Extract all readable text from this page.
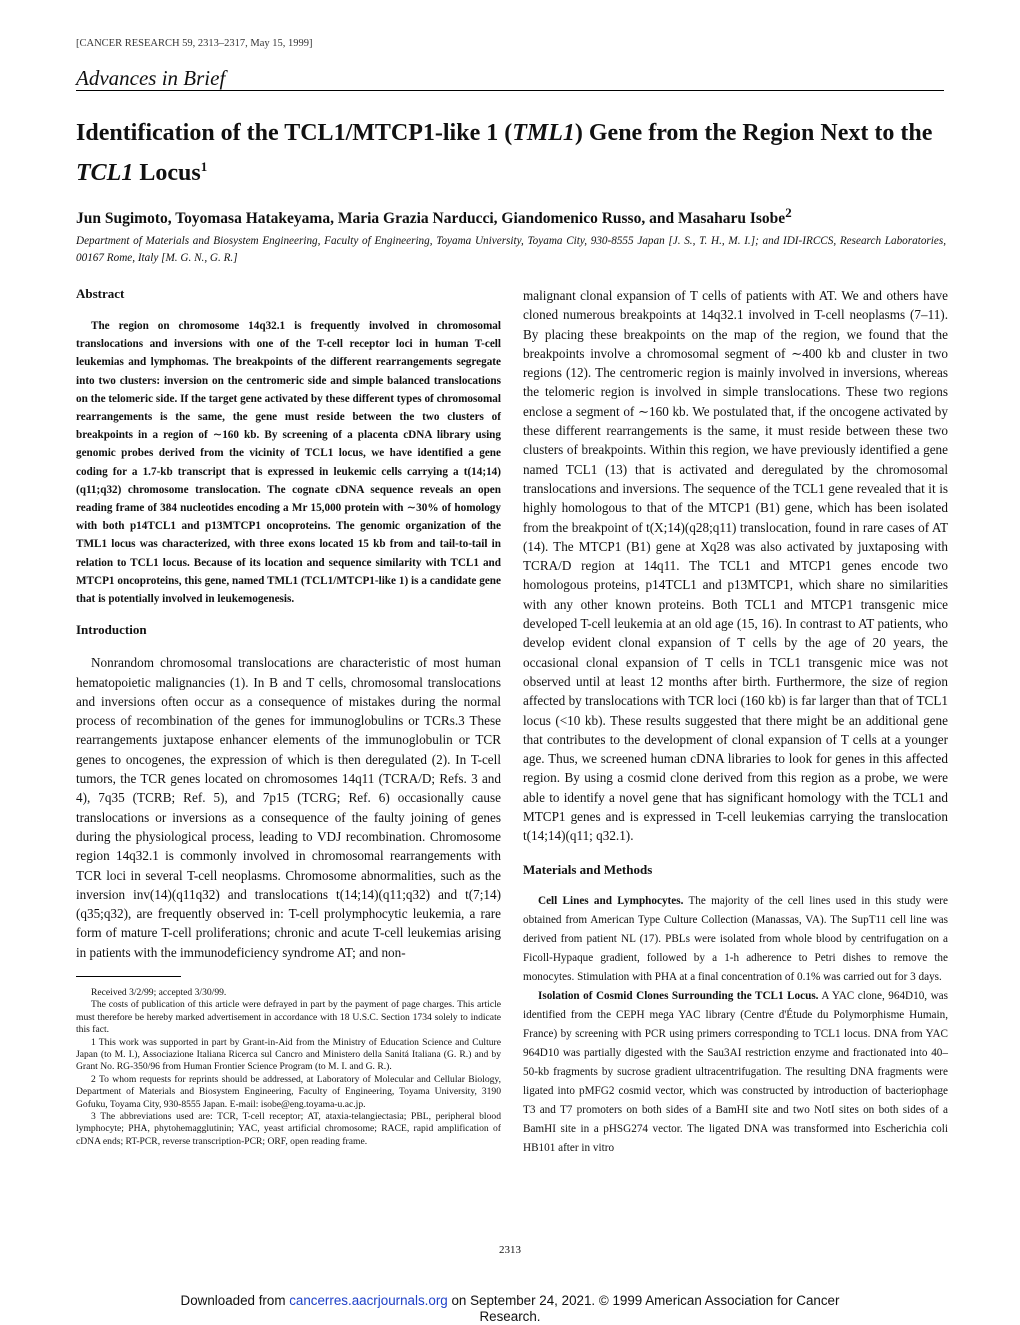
[CANCER RESEARCH 59, 2313–2317, May 15, 1999]
Advances in Brief
Identification of the TCL1/MTCP1-like 1 (TML1) Gene from the Region Next to the
TCL1 Locus$^1$
Jun Sugimoto, Toyomasa Hatakeyama, Maria Grazia Narducci, Giandomenico Russo, and Masaharu Isobe$^2$
Department of Materials and Biosystem Engineering, Faculty of Engineering, Toyama University, Toyama City, 930-8555 Japan [J. S., T. H., M. I.]; and IDI-IRCCS, Research Laboratories, 00167 Rome, Italy [M. G. N., G. R.]
Abstract

The region on chromosome 14q32.1 is frequently involved in chromosomal translocations and inversions with one of the T-cell receptor loci in human T-cell leukemias and lymphomas. The breakpoints of the different rearrangements segregate into two clusters: inversion on the centromeric side and simple balanced translocations on the telomeric side. If the target gene activated by these different types of chromosomal rearrangements is the same, the gene must reside between the two clusters of breakpoints in a region of ∼160 kb. By screening of a placenta cDNA library using genomic probes derived from the vicinity of TCL1 locus, we have identified a gene coding for a 1.7-kb transcript that is expressed in leukemic cells carrying a t(14;14)(q11;q32) chromosome translocation. The cognate cDNA sequence reveals an open reading frame of 384 nucleotides encoding a Mr 15,000 protein with ∼30% of homology with both p14TCL1 and p13MTCP1 oncoproteins. The genomic organization of the TML1 locus was characterized, with three exons located 15 kb from and tail-to-tail in relation to TCL1 locus. Because of its location and sequence similarity with TCL1 and MTCP1 oncoproteins, this gene, named TML1 (TCL1/MTCP1-like 1) is a candidate gene that is potentially involved in leukemogenesis.

Introduction

Nonrandom chromosomal translocations are characteristic of most human hematopoietic malignancies (1). In B and T cells, chromosomal translocations and inversions often occur as a consequence of mistakes during the normal process of recombination of the genes for immunoglobulins or TCRs.3 These rearrangements juxtapose enhancer elements of the immunoglobulin or TCR genes to oncogenes, the expression of which is then deregulated (2). In T-cell tumors, the TCR genes located on chromosomes 14q11 (TCRA/D; Refs. 3 and 4), 7q35 (TCRB; Ref. 5), and 7p15 (TCRG; Ref. 6) occasionally cause translocations or inversions as a consequence of the faulty joining of genes during the physiological process, leading to VDJ recombination. Chromosome region 14q32.1 is commonly involved in chromosomal rearrangements with TCR loci in several T-cell neoplasms. Chromosome abnormalities, such as the inversion inv(14)(q11q32) and translocations t(14;14)(q11;q32) and t(7;14)(q35;q32), are frequently observed in: T-cell prolymphocytic leukemia, a rare form of mature T-cell proliferations; chronic and acute T-cell leukemias arising in patients with the immunodeficiency syndrome AT; and non-

Received 3/2/99; accepted 3/30/99.

The costs of publication of this article were defrayed in part by the payment of page charges. This article must therefore be hereby marked advertisement in accordance with 18 U.S.C. Section 1734 solely to indicate this fact.

1 This work was supported in part by Grant-in-Aid from the Ministry of Education Science and Culture Japan (to M. I.), Associazione Italiana Ricerca sul Cancro and Ministero della Sanitá Italiana (G. R.) and by Grant No. RG-350/96 from Human Frontier Science Program (to M. I. and G. R.).

2 To whom requests for reprints should be addressed, at Laboratory of Molecular and Cellular Biology, Department of Materials and Biosystem Engineering, Faculty of Engineering, Toyama University, 3190 Gofuku, Toyama City, 930-8555 Japan. E-mail: isobe@eng.toyama-u.ac.jp.

3 The abbreviations used are: TCR, T-cell receptor; AT, ataxia-telangiectasia; PBL, peripheral blood lymphocyte; PHA, phytohemagglutinin; YAC, yeast artificial chromosome; RACE, rapid amplification of cDNA ends; RT-PCR, reverse transcription-PCR; ORF, open reading frame.

malignant clonal expansion of T cells of patients with AT. We and others have cloned numerous breakpoints at 14q32.1 involved in T-cell neoplasms (7–11). By placing these breakpoints on the map of the region, we found that the breakpoints involve a chromosomal segment of ∼400 kb and cluster in two regions (12). The centromeric region is mainly involved in inversions, whereas the telomeric region is involved in simple translocations. These two regions enclose a segment of ∼160 kb. We postulated that, if the oncogene activated by these different rearrangements is the same, it must reside between these two clusters of breakpoints. Within this region, we have previously identified a gene named TCL1 (13) that is activated and deregulated by the chromosomal translocations and inversions. The sequence of the TCL1 gene revealed that it is highly homologous to that of the MTCP1 (B1) gene, which has been isolated from the breakpoint of t(X;14)(q28;q11) translocation, found in rare cases of AT (14). The MTCP1 (B1) gene at Xq28 was also activated by juxtaposing with TCRA/D region at 14q11. The TCL1 and MTCP1 genes encode two homologous proteins, p14TCL1 and p13MTCP1, which share no similarities with any other known proteins. Both TCL1 and MTCP1 transgenic mice developed T-cell leukemia at an old age (15, 16). In contrast to AT patients, who develop evident clonal expansion of T cells by the age of 20 years, the occasional clonal expansion of T cells in TCL1 transgenic mice was not observed until at least 12 months after birth. Furthermore, the size of region affected by translocations with TCR loci (160 kb) is far larger than that of TCL1 locus (<10 kb). These results suggested that there might be an additional gene that contributes to the development of clonal expansion of T cells at a younger age. Thus, we screened human cDNA libraries to look for genes in this affected region. By using a cosmid clone derived from this region as a probe, we were able to identify a novel gene that has significant homology with the TCL1 and MTCP1 genes and is expressed in T-cell leukemias carrying the translocation t(14;14)(q11; q32.1).

Materials and Methods

Cell Lines and Lymphocytes. The majority of the cell lines used in this study were obtained from American Type Culture Collection (Manassas, VA). The SupT11 cell line was derived from patient NL (17). PBLs were isolated from whole blood by centrifugation on a Ficoll-Hypaque gradient, followed by a 1-h adherence to Petri dishes to remove the monocytes. Stimulation with PHA at a final concentration of 0.1% was carried out for 3 days.

Isolation of Cosmid Clones Surrounding the TCL1 Locus. A YAC clone, 964D10, was identified from the CEPH mega YAC library (Centre d'Étude du Polymorphisme Humain, France) by screening with PCR using primers corresponding to TCL1 locus. DNA from YAC 964D10 was partially digested with the Sau3AI restriction enzyme and fractionated into 40–50-kb fragments by sucrose gradient ultracentrifugation. The resulting DNA fragments were ligated into pMFG2 cosmid vector, which was constructed by introduction of bacteriophage T3 and T7 promoters on both sides of a BamHI site and two NotI sites on both sides of a BamHI site in a pHSG274 vector. The ligated DNA was transformed into Escherichia coli HB101 after in vitro

2313
Downloaded from cancerres.aacrjournals.org on September 24, 2021. © 1999 American Association for Cancer
Research.
